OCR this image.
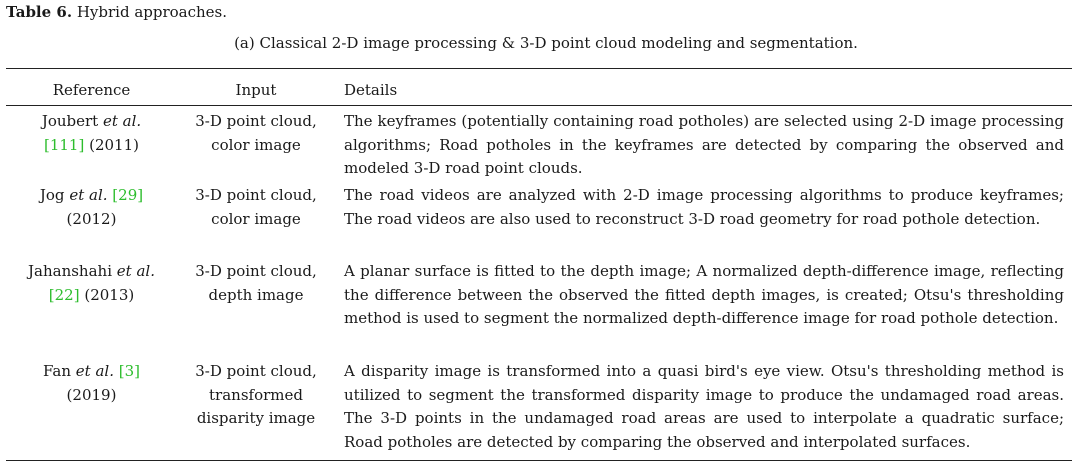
Table 6. Hybrid approaches.
(a) Classical 2-D image processing & 3-D point cloud modeling and segmentation.
Reference	Input	Details
Joubert et al.
[111] (2011)
3-D point cloud,
color image
The keyframes (potentially containing road potholes) are selected using 2-D image processing algorithms; Road potholes in the keyframes are detected by comparing the observed and modeled 3-D road point clouds.
Jog et al. [29]
(2012)
3-D point cloud,
color image
The road videos are analyzed with 2-D image processing algorithms to produce keyframes; The road videos are also used to reconstruct 3-D road geometry for road pothole detection.
Jahanshahi et al.
[22] (2013)
3-D point cloud,
depth image
A planar surface is fitted to the depth image; A normalized depth-difference image, reflecting the difference between the observed the fitted depth images, is created; Otsu's thresholding method is used to segment the normalized depth-difference image for road pothole detection.
Fan et al. [3]
(2019)
3-D point cloud,
transformed
disparity image
A disparity image is transformed into a quasi bird's eye view. Otsu's thresholding method is utilized to segment the transformed disparity image to produce the undamaged road areas. The 3-D points in the undamaged road areas are used to interpolate a quadratic surface; Road potholes are detected by comparing the observed and interpolated surfaces.
